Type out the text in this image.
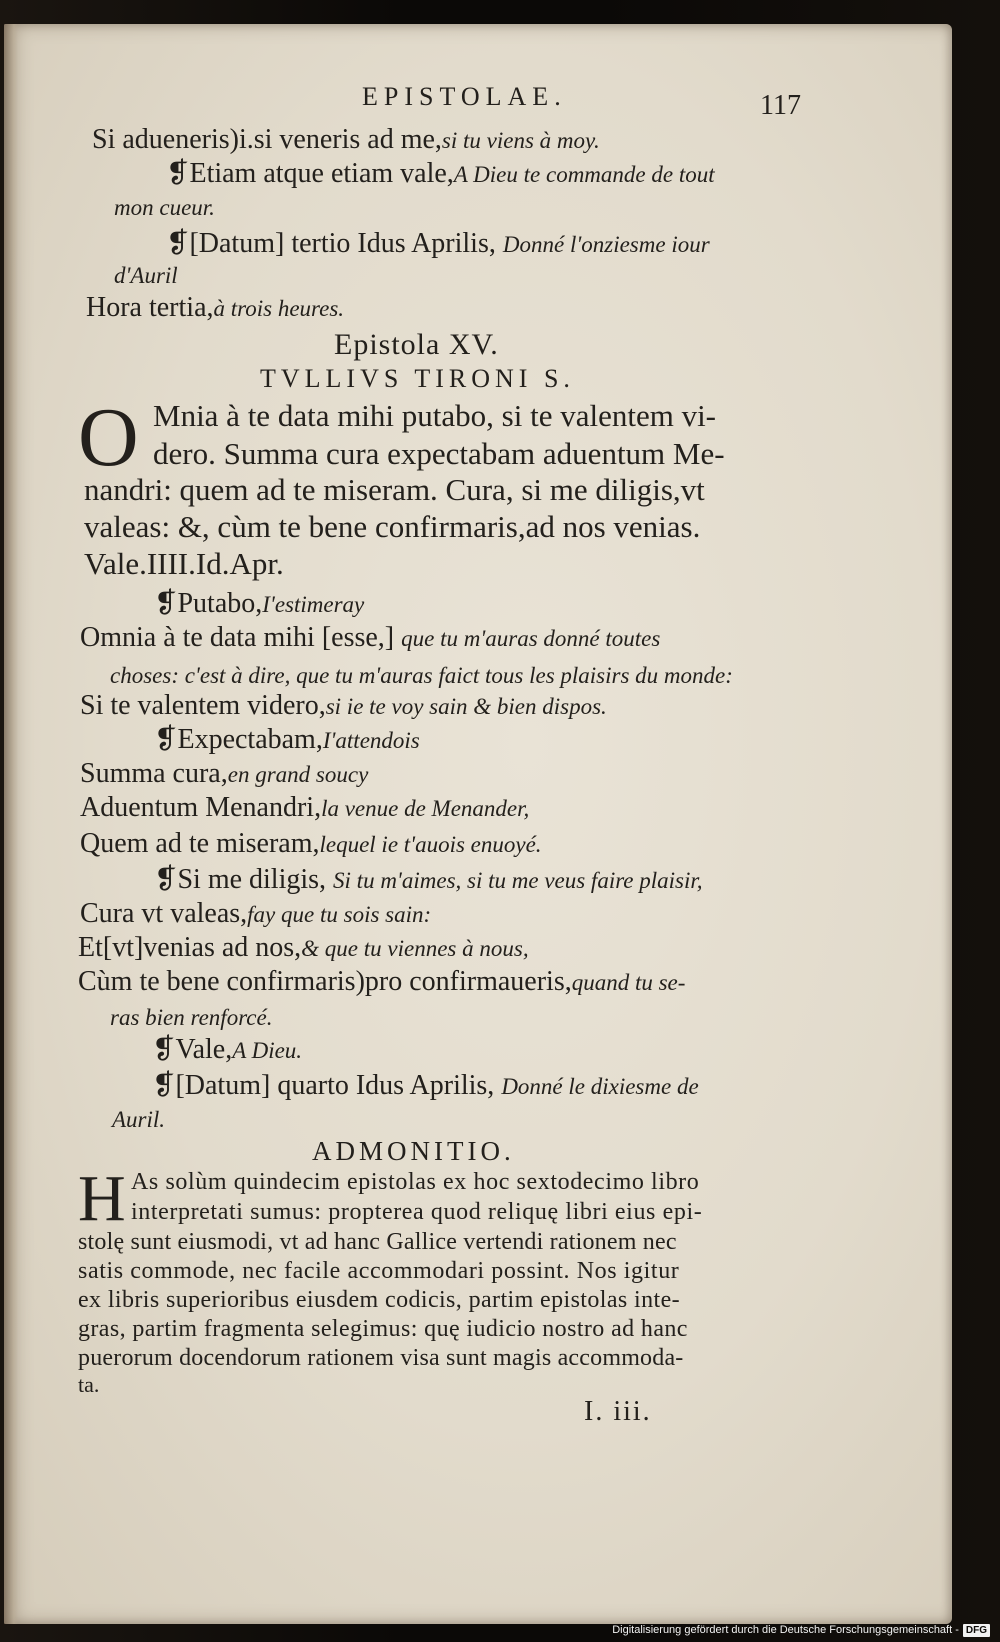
EPISTOLAE.	117
Si adueneris)i.si veneris ad me,si tu viens à moy.
❡Etiam atque etiam vale,A Dieu te commande de tout
mon cueur.
❡[Datum] tertio Idus Aprilis, Donné l'onziesme iour
d'Auril
Hora tertia,à trois heures.
Epistola XV.
TVLLIVS TIRONI S.
O Mnia à te data mihi putabo, si te valentem vi-
dero. Summa cura expectabam aduentum Me-
nandri: quem ad te miseram. Cura, si me diligis,vt
valeas: &, cùm te bene confirmaris,ad nos venias.
Vale.IIII.Id.Apr.
❡Putabo,I'estimeray
Omnia à te data mihi [esse,] que tu m'auras donné toutes
choses: c'est à dire, que tu m'auras faict tous les plaisirs du monde:
Si te valentem videro,si ie te voy sain & bien dispos.
❡Expectabam,I'attendois
Summa cura,en grand soucy
Aduentum Menandri,la venue de Menander,
Quem ad te miseram,lequel ie t'auois enuoyé.
❡Si me diligis, Si tu m'aimes, si tu me veus faire plaisir,
Cura vt valeas,fay que tu sois sain:
Et[vt]venias ad nos,& que tu viennes à nous,
Cùm te bene confirmaris)pro confirmaueris,quand tu se-
ras bien renforcé.
❡Vale,A Dieu.
❡[Datum] quarto Idus Aprilis, Donné le dixiesme de
Auril.
ADMONITIO.
H As solùm quindecim epistolas ex hoc sextodecimo libro
interpretati sumus: propterea quod reliquę libri eius epi-
stolę sunt eiusmodi, vt ad hanc Gallice vertendi rationem nec
satis commode, nec facile accommodari possint. Nos igitur
ex libris superioribus eiusdem codicis, partim epistolas inte-
gras, partim fragmenta selegimus: quę iudicio nostro ad hanc
puerorum docendorum rationem visa sunt magis accommoda-
ta.
I. iii.
Digitalisierung gefördert durch die Deutsche Forschungsgemeinschaft - DFG
